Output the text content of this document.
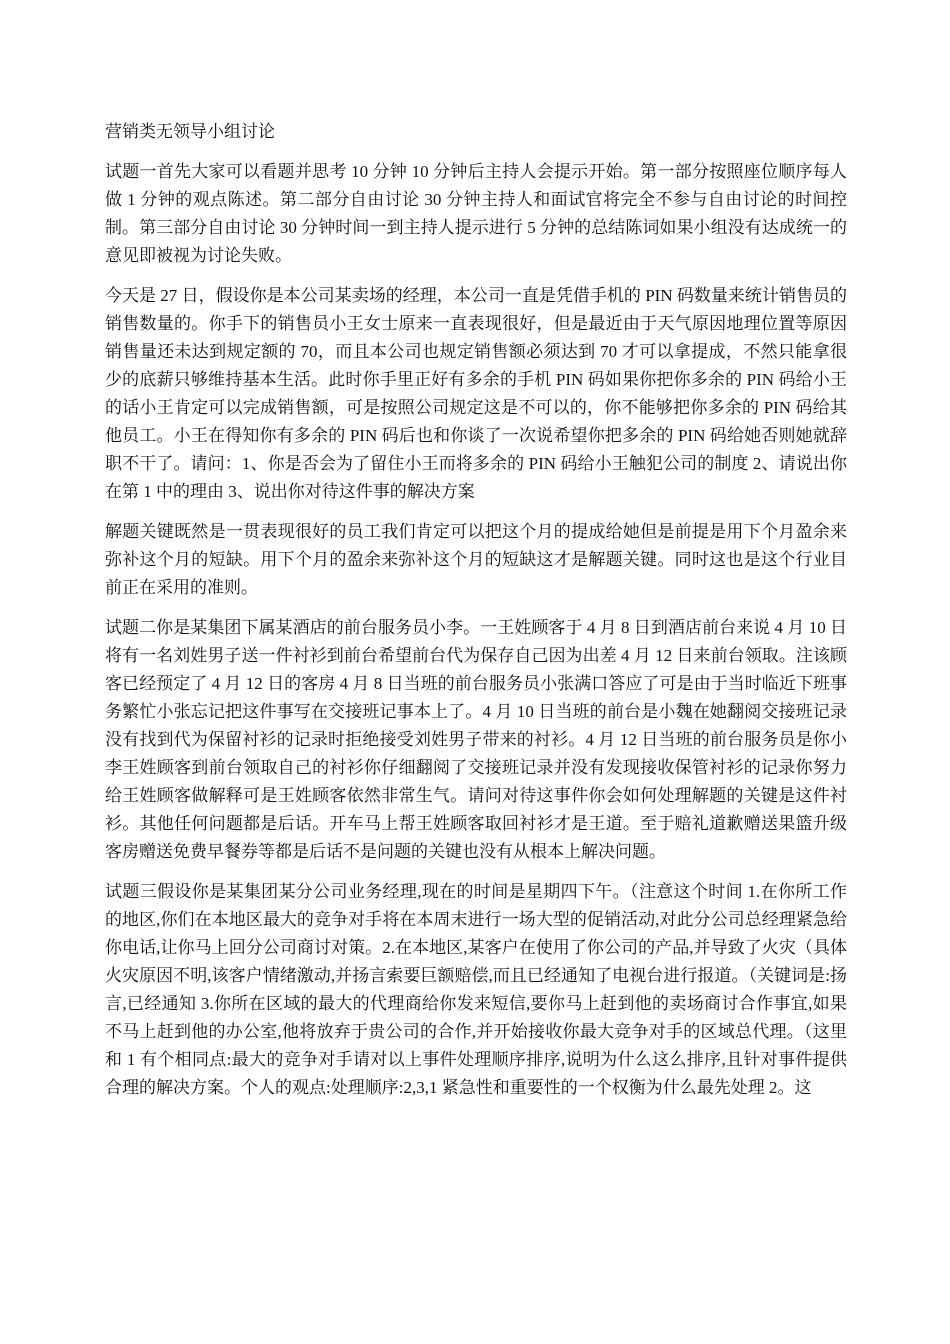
营销类无领导小组讨论

试题一首先大家可以看题并思考 10 分钟 10 分钟后主持人会提示开始。第一部分按照座位顺序每人做 1 分钟的观点陈述。第二部分自由讨论 30 分钟主持人和面试官将完全不参与自由讨论的时间控制。第三部分自由讨论 30 分钟时间一到主持人提示进行 5 分钟的总结陈词如果小组没有达成统一的意见即被视为讨论失败。

今天是 27 日，假设你是本公司某卖场的经理，本公司一直是凭借手机的 PIN 码数量来统计销售员的销售数量的。你手下的销售员小王女士原来一直表现很好，但是最近由于天气原因地理位置等原因销售量还未达到规定额的 70，而且本公司也规定销售额必须达到 70 才可以拿提成，不然只能拿很少的底薪只够维持基本生活。此时你手里正好有多余的手机 PIN 码如果你把你多余的 PIN 码给小王的话小王肯定可以完成销售额，可是按照公司规定这是不可以的，你不能够把你多余的 PIN 码给其他员工。小王在得知你有多余的 PIN 码后也和你谈了一次说希望你把多余的 PIN 码给她否则她就辞职不干了。请问：1、你是否会为了留住小王而将多余的 PIN 码给小王触犯公司的制度 2、请说出你在第 1 中的理由 3、说出你对待这件事的解决方案

解题关键既然是一贯表现很好的员工我们肯定可以把这个月的提成给她但是前提是用下个月盈余来弥补这个月的短缺。用下个月的盈余来弥补这个月的短缺这才是解题关键。同时这也是这个行业目前正在采用的准则。

试题二你是某集团下属某酒店的前台服务员小李。一王姓顾客于 4 月 8 日到酒店前台来说 4 月 10 日将有一名刘姓男子送一件衬衫到前台希望前台代为保存自己因为出差 4 月 12 日来前台领取。注该顾客已经预定了 4 月 12 日的客房 4 月 8 日当班的前台服务员小张满口答应了可是由于当时临近下班事务繁忙小张忘记把这件事写在交接班记事本上了。4 月 10 日当班的前台是小魏在她翻阅交接班记录没有找到代为保留衬衫的记录时拒绝接受刘姓男子带来的衬衫。4 月 12 日当班的前台服务员是你小李王姓顾客到前台领取自己的衬衫你仔细翻阅了交接班记录并没有发现接收保管衬衫的记录你努力给王姓顾客做解释可是王姓顾客依然非常生气。请问对待这事件你会如何处理解题的关键是这件衬衫。其他任何问题都是后话。开车马上帮王姓顾客取回衬衫才是王道。至于赔礼道歉赠送果篮升级客房赠送免费早餐券等都是后话不是问题的关键也没有从根本上解决问题。

试题三假设你是某集团某分公司业务经理,现在的时间是星期四下午。（注意这个时间 1.在你所工作的地区,你们在本地区最大的竞争对手将在本周末进行一场大型的促销活动,对此分公司总经理紧急给你电话,让你马上回分公司商讨对策。2.在本地区,某客户在使用了你公司的产品,并导致了火灾（具体火灾原因不明,该客户情绪激动,并扬言索要巨额赔偿,而且已经通知了电视台进行报道。（关键词是:扬言,已经通知 3.你所在区域的最大的代理商给你发来短信,要你马上赶到他的卖场商讨合作事宜,如果不马上赶到他的办公室,他将放弃于贵公司的合作,并开始接收你最大竞争对手的区域总代理。（这里和 1 有个相同点:最大的竞争对手请对以上事件处理顺序排序,说明为什么这么排序,且针对事件提供合理的解决方案。个人的观点:处理顺序:2,3,1 紧急性和重要性的一个权衡为什么最先处理 2。这
